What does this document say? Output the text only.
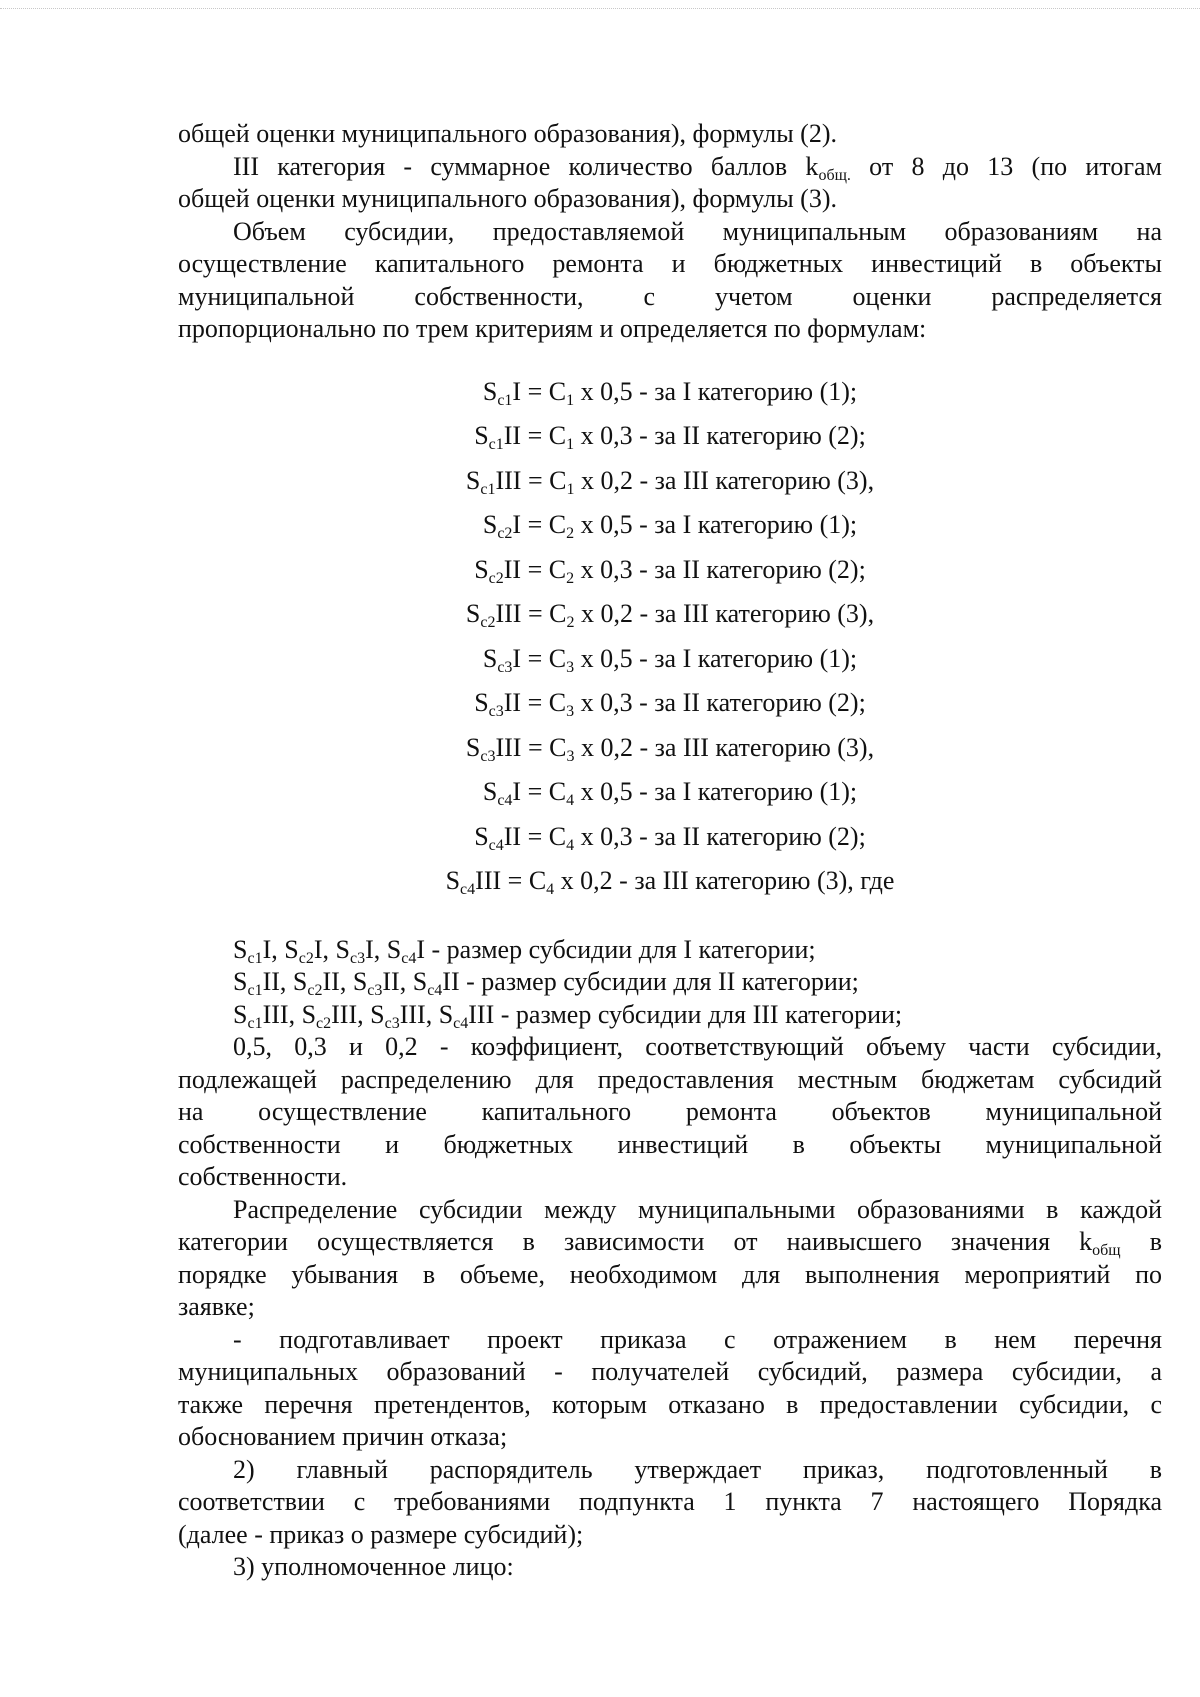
общей оценки муниципального образования), формулы (2).

III категория - суммарное количество баллов $k_{общ.}$ от 8 до 13 (по итогам

общей оценки муниципального образования), формулы (3).

Объем субсидии, предоставляемой муниципальным образованиям на

осуществление капитального ремонта и бюджетных инвестиций в объекты

муниципальной собственности, с учетом оценки распределяется

пропорционально по трем критериям и определяется по формулам:

$S_{c1}I = C_1$ х 0,5 - за I категорию (1);
$S_{c1}II = C_1$ х 0,3 - за II категорию (2);
$S_{c1}III = C_1$ х 0,2 - за III категорию (3),
$S_{c2}I = C_2$ х 0,5 - за I категорию (1);
$S_{c2}II = C_2$ х 0,3 - за II категорию (2);
$S_{c2}III = C_2$ х 0,2 - за III категорию (3),
$S_{c3}I = C_3$ х 0,5 - за I категорию (1);
$S_{c3}II = C_3$ х 0,3 - за II категорию (2);
$S_{c3}III = C_3$ х 0,2 - за III категорию (3),
$S_{c4}I = C_4$ х 0,5 - за I категорию (1);
$S_{c4}II = C_4$ х 0,3 - за II категорию (2);
$S_{c4}III = C_4$ х 0,2 - за III категорию (3), где

$S_{c1}I$, $S_{c2}I$, $S_{c3}I$, $S_{c4}I$ - размер субсидии для I категории;

$S_{c1}II$, $S_{c2}II$, $S_{c3}II$, $S_{c4}II$ - размер субсидии для II категории;

$S_{c1}III$, $S_{c2}III$, $S_{c3}III$, $S_{c4}III$ - размер субсидии для III категории;

0,5, 0,3 и 0,2 - коэффициент, соответствующий объему части субсидии,

подлежащей распределению для предоставления местным бюджетам субсидий

на осуществление капитального ремонта объектов муниципальной

собственности и бюджетных инвестиций в объекты муниципальной

собственности.

Распределение субсидии между муниципальными образованиями в каждой

категории осуществляется в зависимости от наивысшего значения $k_{общ}$ в

порядке убывания в объеме, необходимом для выполнения мероприятий по

заявке;

- подготавливает проект приказа с отражением в нем перечня

муниципальных образований - получателей субсидий, размера субсидии, а

также перечня претендентов, которым отказано в предоставлении субсидии, с

обоснованием причин отказа;

2) главный распорядитель утверждает приказ, подготовленный в

соответствии с требованиями подпункта 1 пункта 7 настоящего Порядка

(далее - приказ о размере субсидий);

3) уполномоченное лицо:
